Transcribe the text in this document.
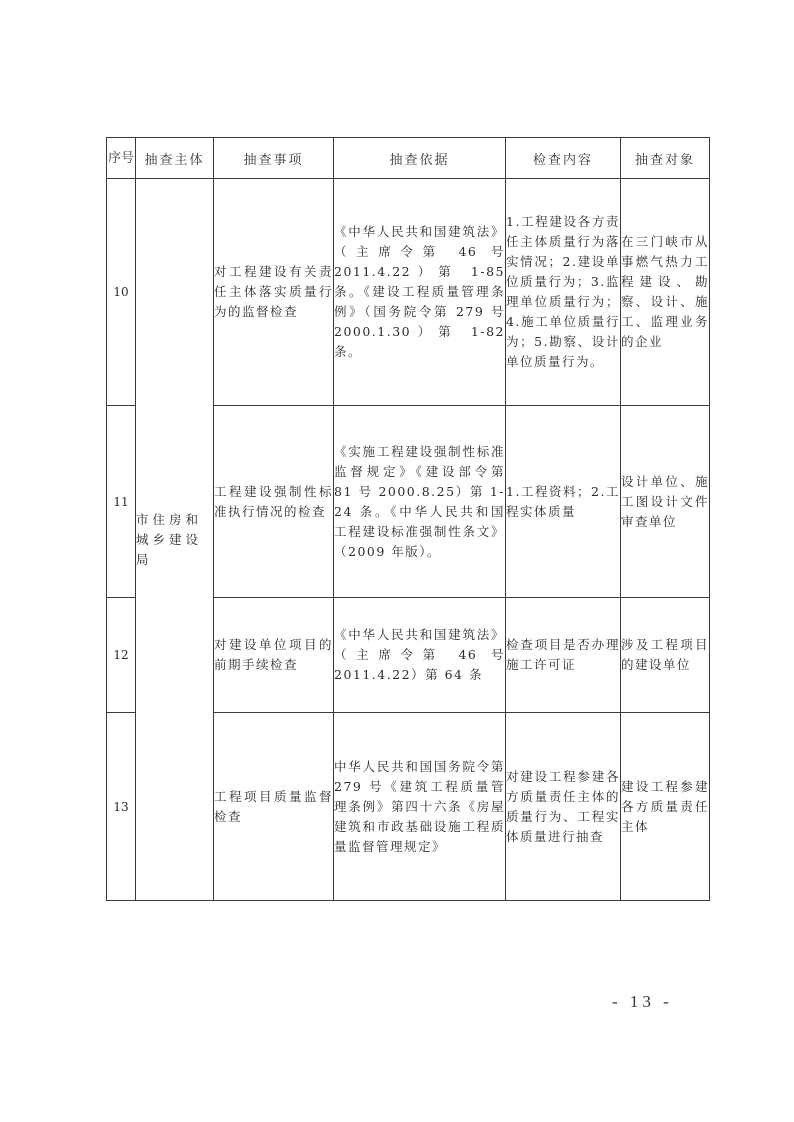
序号	抽查主体	抽查事项	抽查依据	检查内容	抽查对象
10	市住房和城乡建设局	对工程建设有关责任主体落实质量行为的监督检查	《中华人民共和国建筑法》（主席令第 46 号 2011.4.22）第 1-85 条。《建设工程质量管理条例》（国务院令第 279 号 2000.1.30）第 1-82 条。	1.工程建设各方责任主体质量行为落实情况；2.建设单位质量行为；3.监理单位质量行为；4.施工单位质量行为；5.勘察、设计单位质量行为。	在三门峡市从事燃气热力工程建设、勘察、设计、施工、监理业务的企业
11		工程建设强制性标准执行情况的检查	《实施工程建设强制性标准监督规定》《建设部令第 81 号 2000.8.25）第 1-24 条。《中华人民共和国工程建设标准强制性条文》（2009 年版）。	1.工程资料；2.工程实体质量	设计单位、施工图设计文件审查单位
12		对建设单位项目的前期手续检查	《中华人民共和国建筑法》（主席令第 46 号 2011.4.22）第 64 条	检查项目是否办理施工许可证	涉及工程项目的建设单位
13		工程项目质量监督检查	中华人民共和国国务院令第 279 号《建筑工程质量管理条例》第四十六条《房屋建筑和市政基础设施工程质量监督管理规定》	对建设工程参建各方质量责任主体的质量行为、工程实体质量进行抽查	建设工程参建各方质量责任主体
- 13 -
